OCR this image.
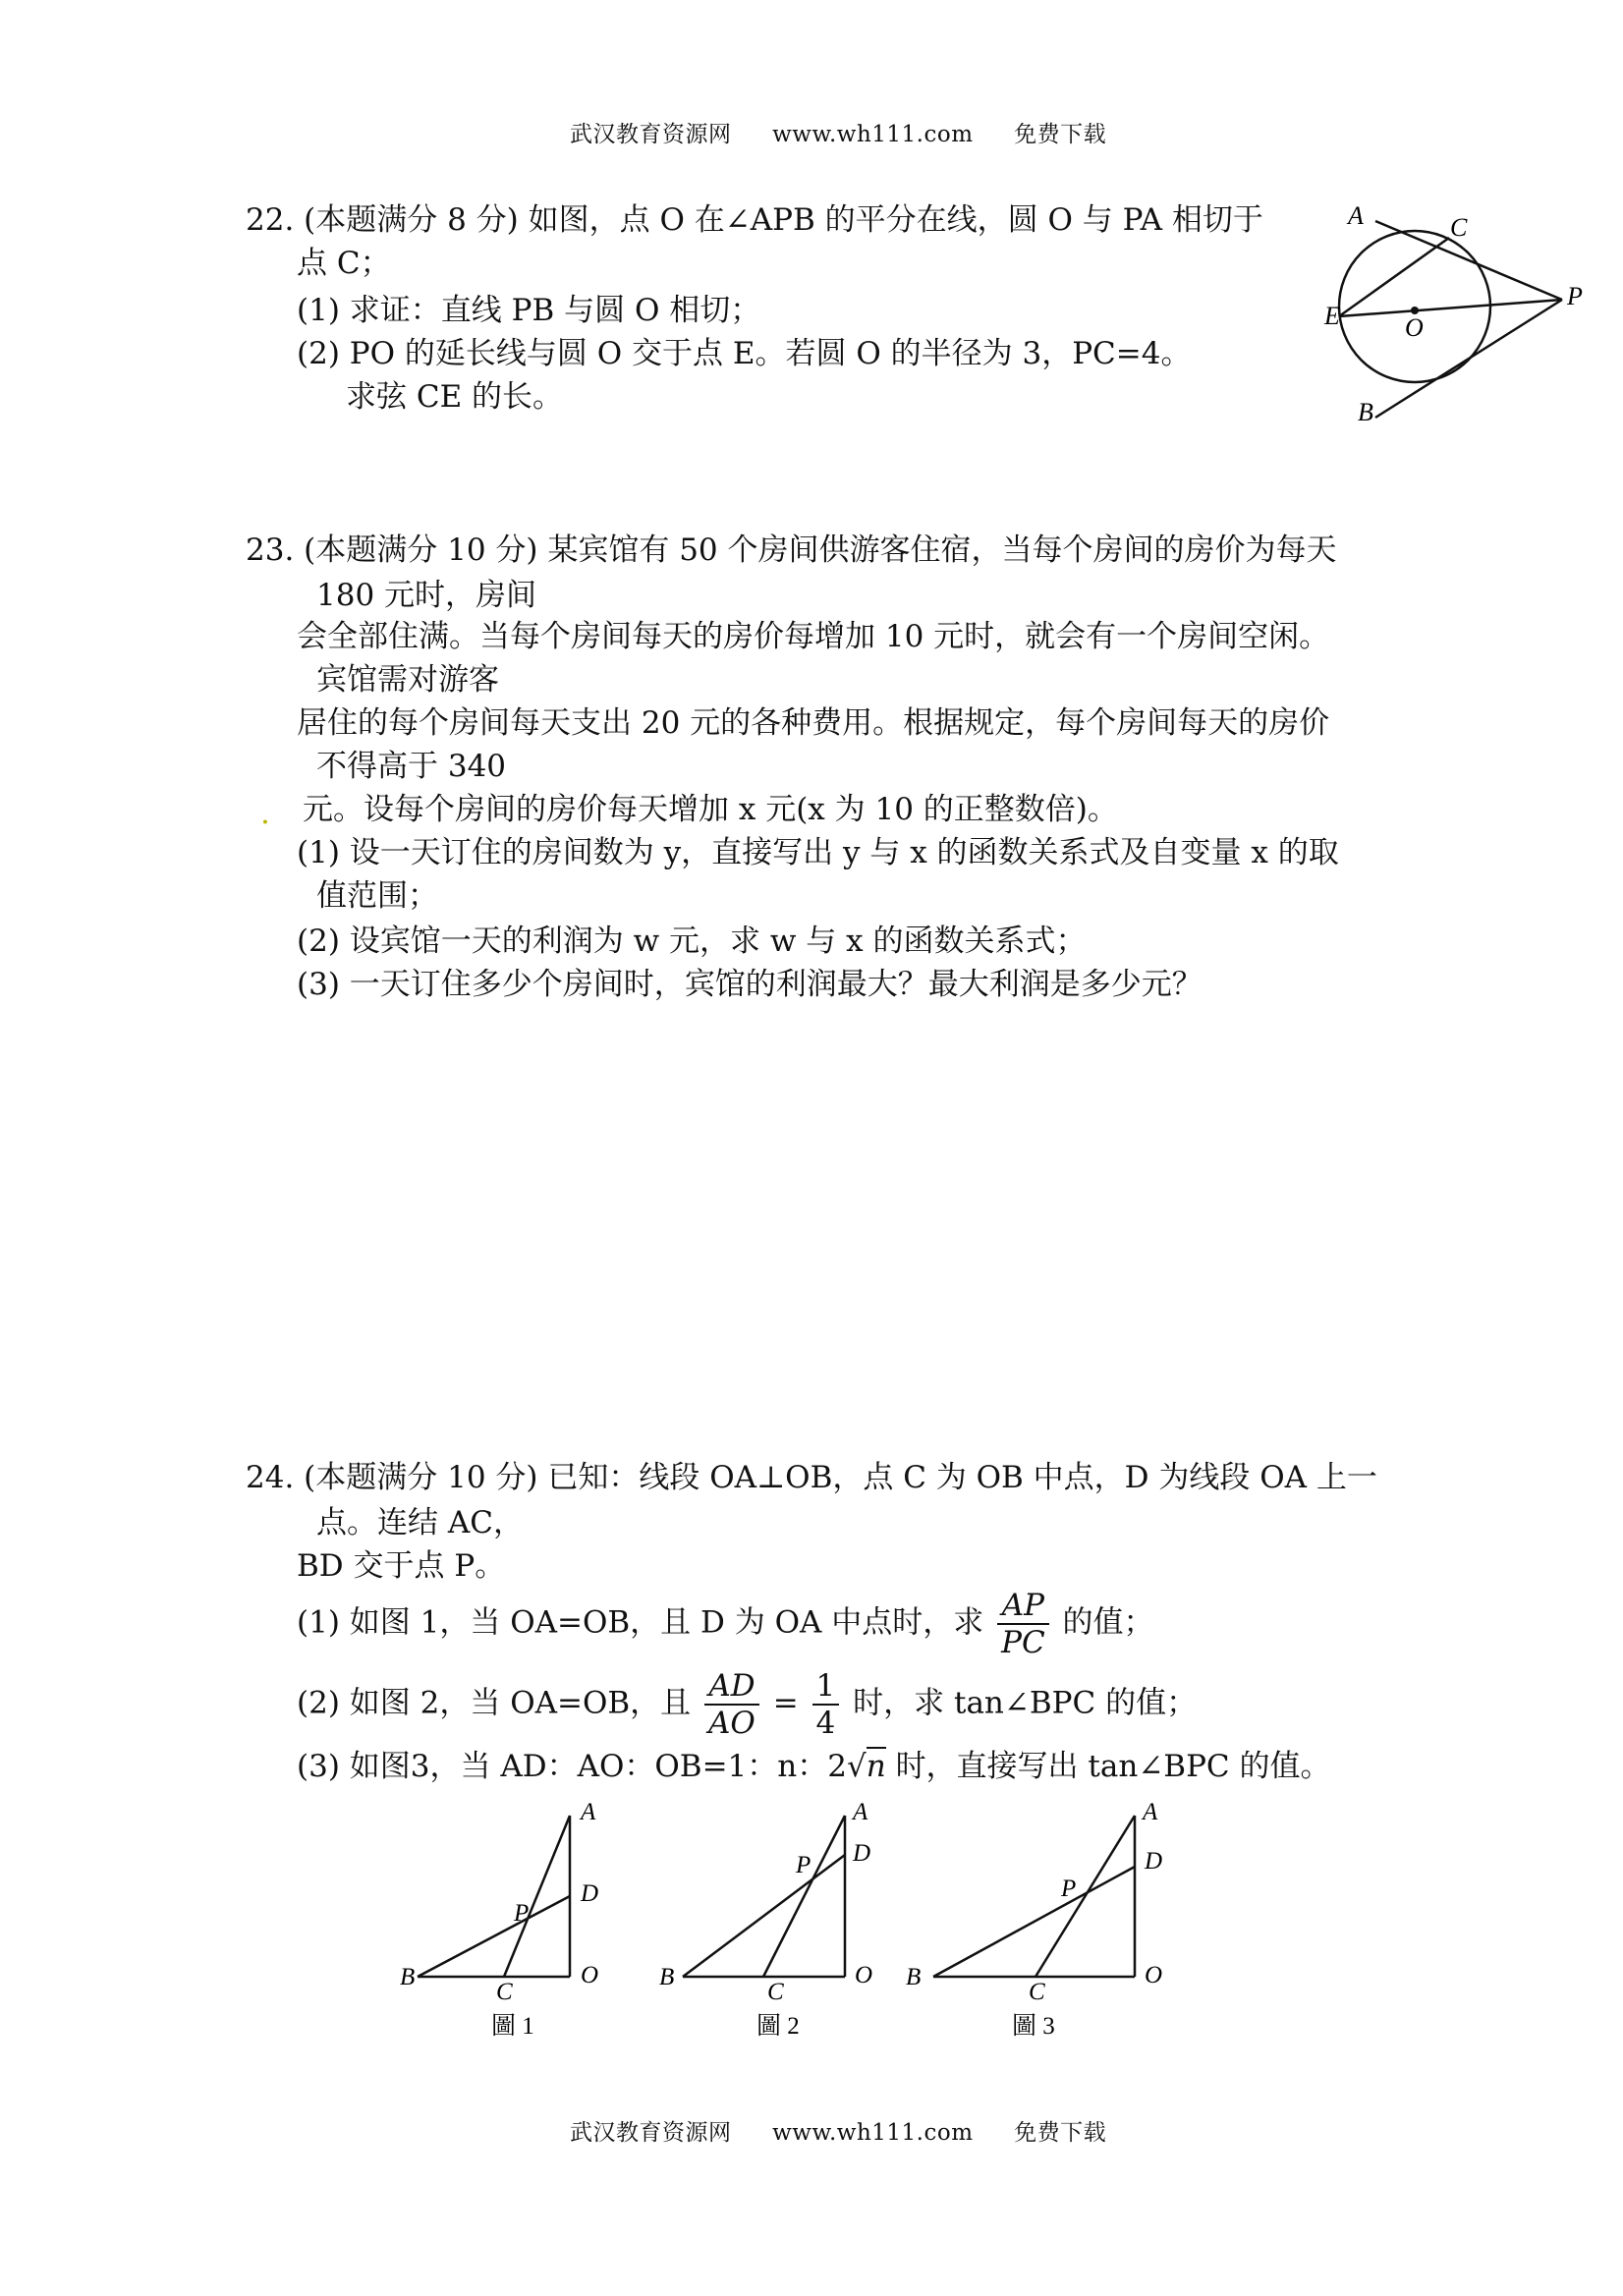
武汉教育资源网 www.wh111.com 免费下载
22. (本题满分 8 分) 如图，点 O 在∠APB 的平分在线，圆 O 与 PA 相切于
点 C；
(1) 求证：直线 PB 与圆 O 相切；
(2) PO 的延长线与圆 O 交于点 E。若圆 O 的半径为 3，PC=4。
求弦 CE 的长。
A	C
P
E	O
B
23. (本题满分 10 分) 某宾馆有 50 个房间供游客住宿，当每个房间的房价为每天
180 元时，房间
会全部住满。当每个房间每天的房价每增加 10 元时，就会有一个房间空闲。
宾馆需对游客
居住的每个房间每天支出 20 元的各种费用。根据规定，每个房间每天的房价
不得高于 340
. 元。设每个房间的房价每天增加 x 元(x 为 10 的正整数倍)。
(1) 设一天订住的房间数为 y，直接写出 y 与 x 的函数关系式及自变量 x 的取
值范围；
(2) 设宾馆一天的利润为 w 元，求 w 与 x 的函数关系式；
(3) 一天订住多少个房间时，宾馆的利润最大？最大利润是多少元？
24. (本题满分 10 分) 已知：线段 OA⊥OB，点 C 为 OB 中点，D 为线段 OA 上一
点。连结 AC，
BD 交于点 P。
(1) 如图 1，当 OA=OB，且 D 为 OA 中点时，求 $\frac{AP}{PC}$ 的值；
(2) 如图 2，当 OA=OB，且 $\frac{AD}{AO} = \frac{1}{4}$ 时，求 tan∠BPC 的值；
(3) 如图3，当 AD：AO：OB=1：n：2√n 时，直接写出 tan∠BPC 的值。
B
C
O
D
A
P
圖 1
B
C
O
D
A
P
圖 2
B
C
O
D
A
P
圖 3
武汉教育资源网 www.wh111.com 免费下载
